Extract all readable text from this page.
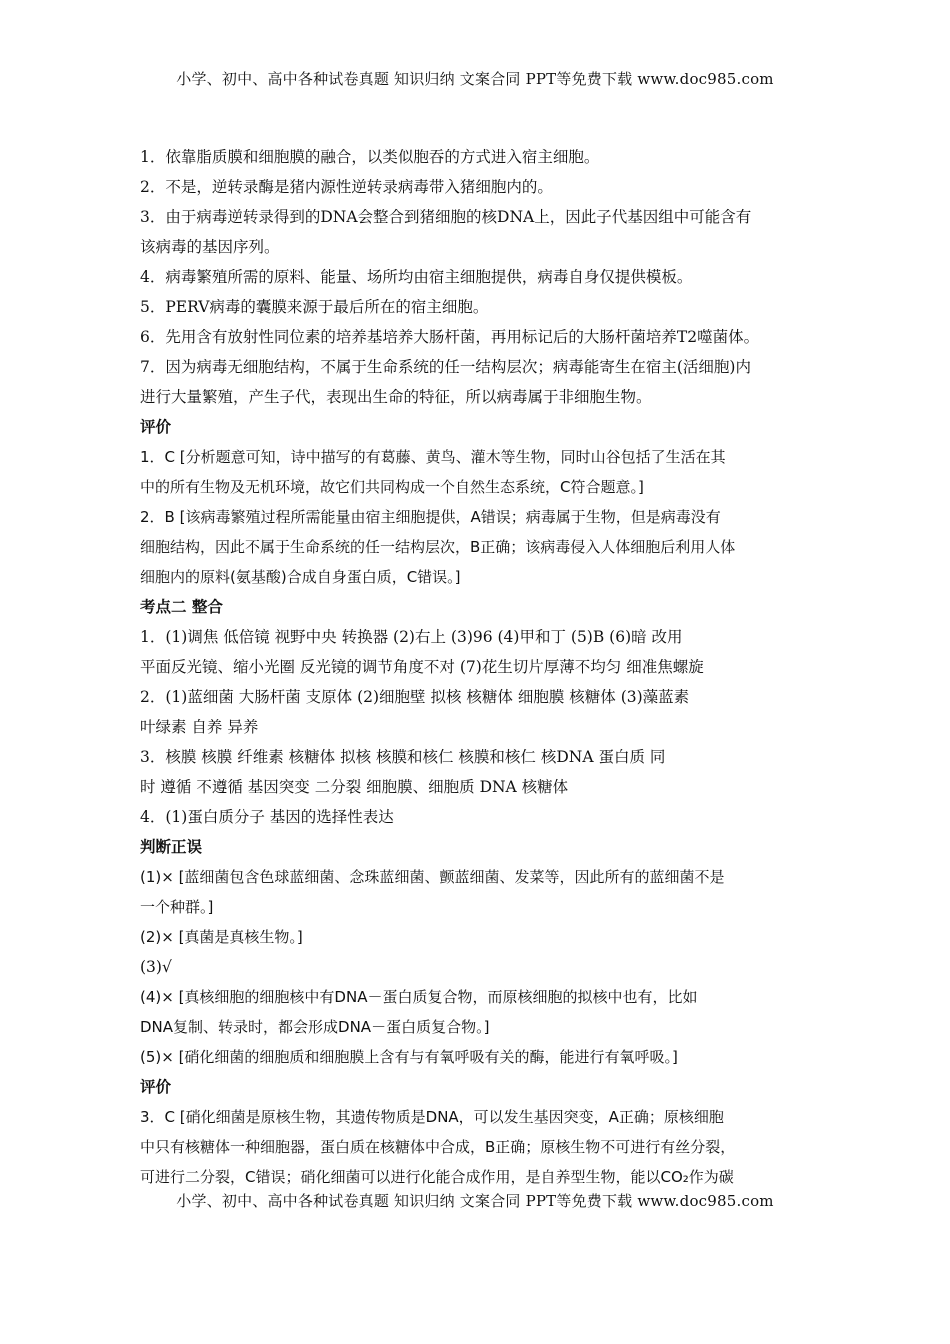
小学、初中、高中各种试卷真题 知识归纳 文案合同 PPT等免费下载 www.doc985.com
1．依靠脂质膜和细胞膜的融合，以类似胞吞的方式进入宿主细胞。
2．不是，逆转录酶是猪内源性逆转录病毒带入猪细胞内的。
3．由于病毒逆转录得到的DNA会整合到猪细胞的核DNA上，因此子代基因组中可能含有
该病毒的基因序列。
4．病毒繁殖所需的原料、能量、场所均由宿主细胞提供，病毒自身仅提供模板。
5．PERV病毒的囊膜来源于最后所在的宿主细胞。
6．先用含有放射性同位素的培养基培养大肠杆菌，再用标记后的大肠杆菌培养T2噬菌体。
7．因为病毒无细胞结构，不属于生命系统的任一结构层次；病毒能寄生在宿主(活细胞)内
进行大量繁殖，产生子代，表现出生命的特征，所以病毒属于非细胞生物。
评价
1．C [分析题意可知，诗中描写的有葛藤、黄鸟、灌木等生物，同时山谷包括了生活在其
中的所有生物及无机环境，故它们共同构成一个自然生态系统，C符合题意。]
2．B [该病毒繁殖过程所需能量由宿主细胞提供，A错误；病毒属于生物，但是病毒没有
细胞结构，因此不属于生命系统的任一结构层次，B正确；该病毒侵入人体细胞后利用人体
细胞内的原料(氨基酸)合成自身蛋白质，C错误。]
考点二 整合
1．(1)调焦 低倍镜 视野中央 转换器 (2)右上 (3)96 (4)甲和丁 (5)B (6)暗 改用
平面反光镜、缩小光圈 反光镜的调节角度不对 (7)花生切片厚薄不均匀 细准焦螺旋
2．(1)蓝细菌 大肠杆菌 支原体 (2)细胞壁 拟核 核糖体 细胞膜 核糖体 (3)藻蓝素
叶绿素 自养 异养
3．核膜 核膜 纤维素 核糖体 拟核 核膜和核仁 核膜和核仁 核DNA 蛋白质 同
时 遵循 不遵循 基因突变 二分裂 细胞膜、细胞质 DNA 核糖体
4．(1)蛋白质分子 基因的选择性表达
判断正误
(1)× [蓝细菌包含色球蓝细菌、念珠蓝细菌、颤蓝细菌、发菜等，因此所有的蓝细菌不是
一个种群。]
(2)× [真菌是真核生物。]
(3)√
(4)× [真核细胞的细胞核中有DNA－蛋白质复合物，而原核细胞的拟核中也有，比如
DNA复制、转录时，都会形成DNA－蛋白质复合物。]
(5)× [硝化细菌的细胞质和细胞膜上含有与有氧呼吸有关的酶，能进行有氧呼吸。]
评价
3．C [硝化细菌是原核生物，其遗传物质是DNA，可以发生基因突变，A正确；原核细胞
中只有核糖体一种细胞器，蛋白质在核糖体中合成，B正确；原核生物不可进行有丝分裂，
可进行二分裂，C错误；硝化细菌可以进行化能合成作用，是自养型生物，能以CO₂作为碳
小学、初中、高中各种试卷真题 知识归纳 文案合同 PPT等免费下载 www.doc985.com
